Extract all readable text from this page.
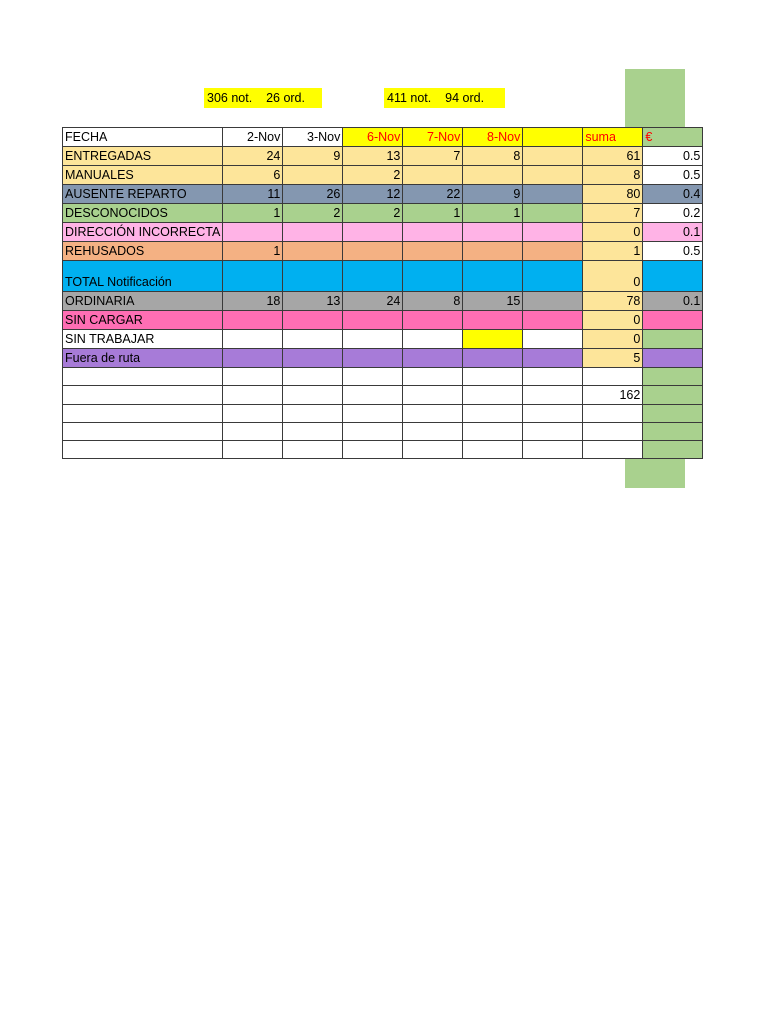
306 not.    26 ord.	411 not.    94 ord.
FECHA	2-Nov	3-Nov	6-Nov	7-Nov	8-Nov		suma	€
ENTREGADAS	24	9	13	7	8		61	0.5
MANUALES	6		2				8	0.5
AUSENTE REPARTO	11	26	12	22	9		80	0.4
DESCONOCIDOS	1	2	2	1	1		7	0.2
DIRECCIÓN INCORRECTA							0	0.1
REHUSADOS	1						1	0.5
TOTAL Notificación							0	
ORDINARIA	18	13	24	8	15		78	0.1
SIN CARGAR							0	
SIN TRABAJAR							0	
Fuera de ruta							5	

							162	
